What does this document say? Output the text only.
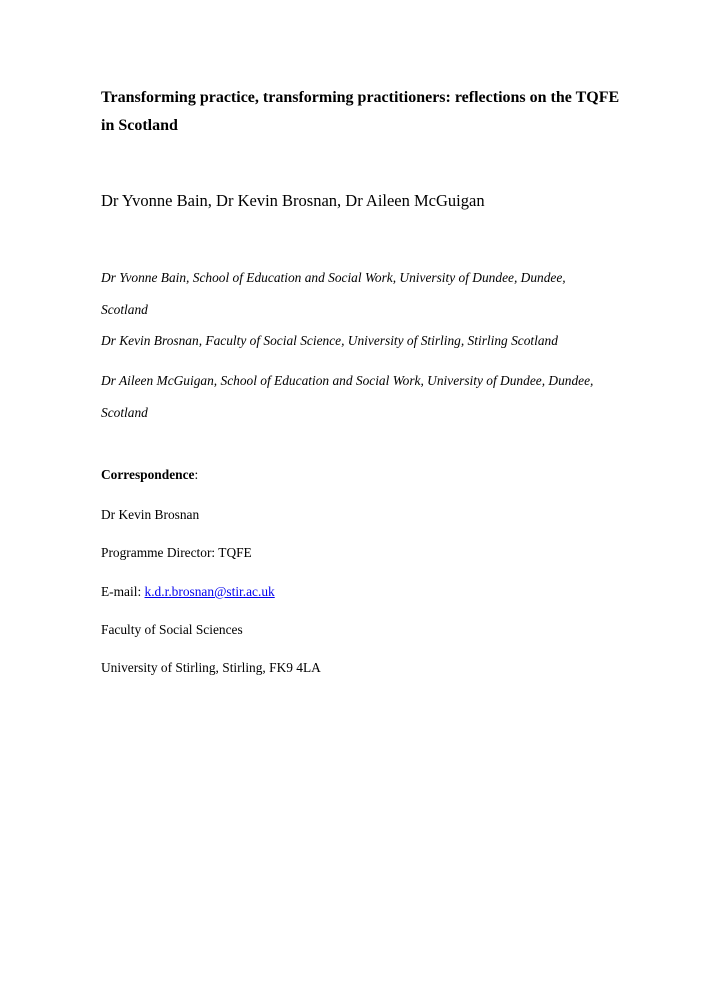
Transforming practice, transforming practitioners: reflections on the TQFE in Scotland
Dr Yvonne Bain, Dr Kevin Brosnan, Dr Aileen McGuigan
Dr Yvonne Bain, School of Education and Social Work, University of Dundee, Dundee, Scotland
Dr Kevin Brosnan, Faculty of Social Science, University of Stirling, Stirling Scotland
Dr Aileen McGuigan, School of Education and Social Work, University of Dundee, Dundee, Scotland
Correspondence:
Dr Kevin Brosnan
Programme Director: TQFE
E-mail: k.d.r.brosnan@stir.ac.uk
Faculty of Social Sciences
University of Stirling, Stirling, FK9 4LA
